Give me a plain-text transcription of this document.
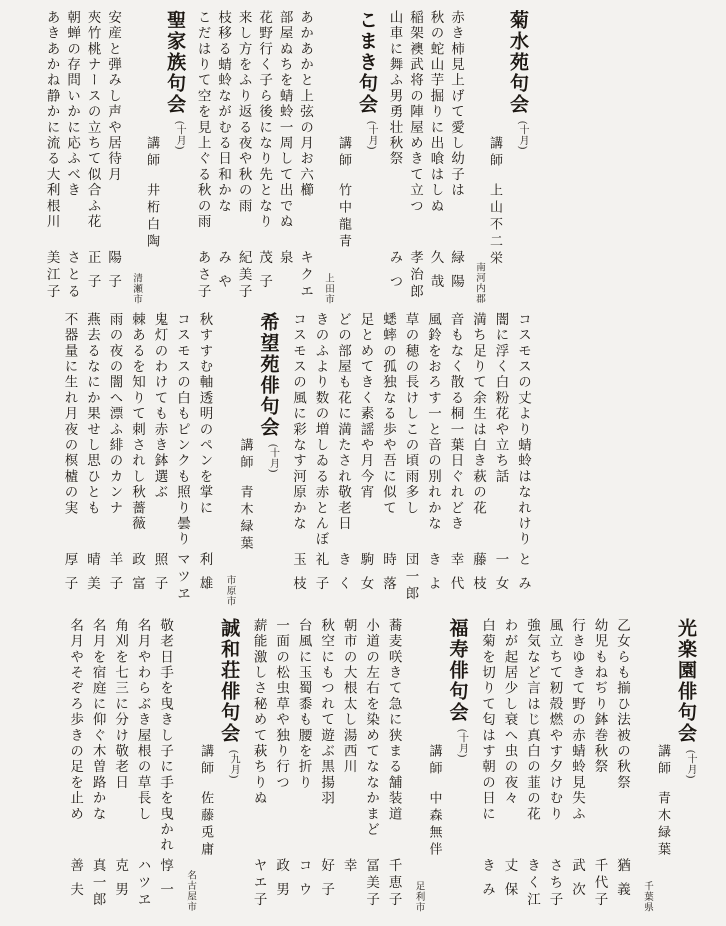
菊水苑句会
(十月)
講師
上山不二栄
南河内郡
赤き柿見上げて愛し幼子は
緑 陽
秋の蛇山芋掘りに出喰はしぬ
久 哉
稲架襖武将の陣屋めきて立つ
孝治郎
山車に舞ふ男勇壮秋祭
み つ
こまき句会
(十月)
講師
竹中龍青
上田市
あかあかと上弦の月お六櫛
キクエ
部屋ぬちを蜻蛉一周して出でぬ
泉
花野行く子ら後になり先となり
茂 子
来し方をふり返る夜や秋の雨
紀美子
枝移る蜻蛉ながむる日和かな
み や
こだはりて空を見上ぐる秋の雨
あさ子
聖家族句会
(十月)
講師
井桁白陶
清瀬市
安産と弾みし声や居待月
陽 子
夾竹桃ナースの立ちて似合ふ花
正 子
朝蝉の存問いかに応ふべき
さとる
あきあかね静かに流る大利根川
美江子
コスモスの丈より蜻蛉はなれけり
と み
闇に浮く白粉花や立ち話
一 女
満ち足りて余生は白き萩の花
藤 枝
音もなく散る桐一葉日ぐれどき
幸 代
風鈴をおろす一と音の別れかな
き よ
草の穂の長けしこの頃雨多し
団一郎
蟋蟀の孤独なる歩や吾に似て
時 落
足とめてきく素謡や月今宵
駒 女
どの部屋も花に満たされ敬老日
き く
きのふより数の増しゐる赤とんぼ
礼 子
コスモスの風に彩なす河原かな
玉 枝
希望苑俳句会
(十月)
講師
青木緑葉
市原市
秋すすむ軸透明のペンを掌に
利 雄
コスモスの白もピンクも照り曇り
マツヱ
鬼灯のわけても赤き鉢選ぶ
照 子
棘あるを知りて刺されし秋薔薇
政 富
雨の夜の闇へ漂ふ緋のカンナ
羊 子
燕去るなにか果せし思ひとも
晴 美
不器量に生れ月夜の榠樝の実
厚 子
光楽園俳句会
(十月)
講師
青木緑葉
千葉県
乙女らも揃ひ法被の秋祭
猶 義
幼児もねぢり鉢巻秋祭
千代子
行きゆきて野の赤蜻蛉見失ふ
武 次
風立ちて籾殻燃やす夕けむり
さち子
強気など言はじ真白の韮の花
きく江
わが起居少し衰へ虫の夜々
丈 保
白菊を切りて匂はす朝の日に
き み
福寿俳句会
(十月)
講師
中森無伴
足利市
蕎麦咲きて急に狭まる舗装道
千恵子
小道の左右を染めてななかまど
冨美子
朝市の大根太し湯西川
幸
秋空にもつれて遊ぶ黒揚羽
好 子
台風に玉蜀黍も腰を折り
コ ウ
一面の松虫草や独り行つ
政 男
薪能激しさ秘めて萩ちりぬ
ヤエ子
誠和荘俳句会
(九月)
講師
佐藤兎庸
名古屋市
敬老日手を曳きし子に手を曳かれ
惇 一
名月やわらぶき屋根の草長し
ハツヱ
角刈を七三に分け敬老日
克 男
名月を宿庭に仰ぐ木曽路かな
真一郎
名月やそぞろ歩きの足を止め
善 夫
